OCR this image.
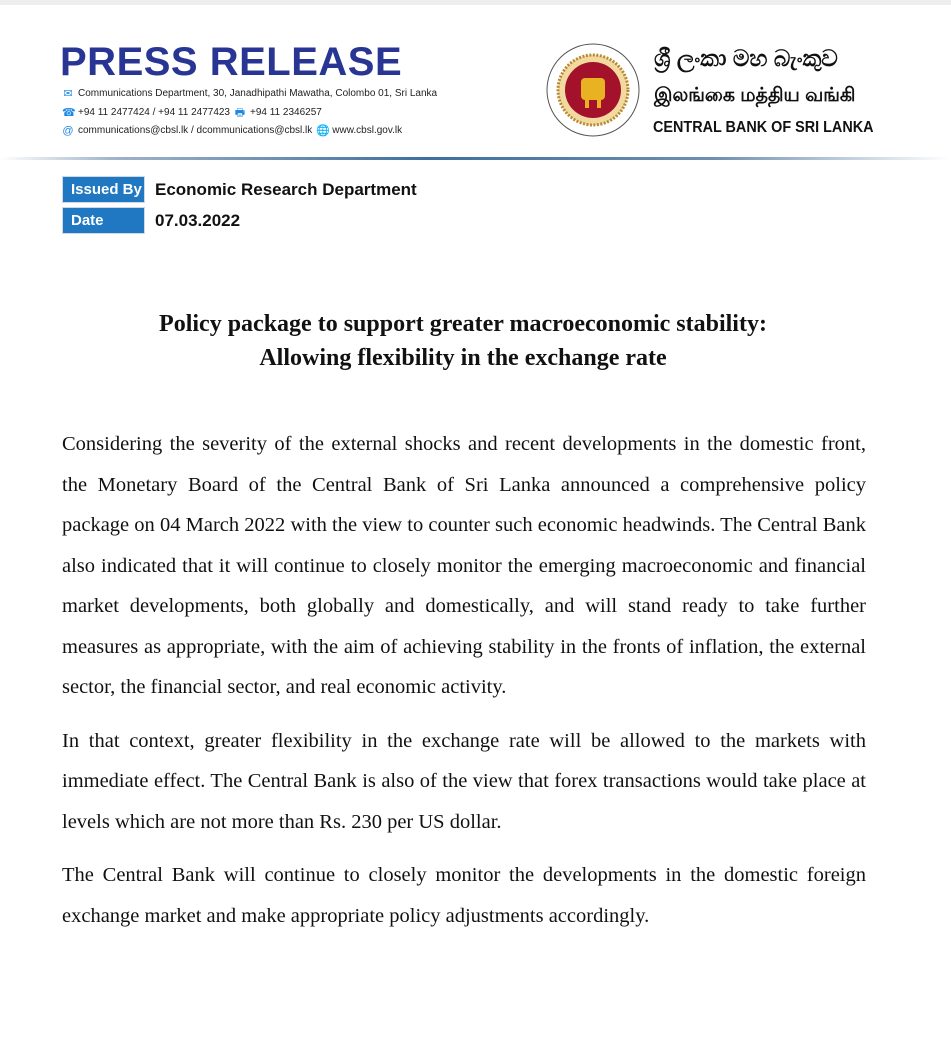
PRESS RELEASE
✉ Communications Department, 30, Janadhipathi Mawatha, Colombo 01, Sri Lanka
☎ +94 11 2477424 / +94 11 2477423 🖶 +94 11 2346257
@ communications@cbsl.lk / dcommunications@cbsl.lk 🌐 www.cbsl.gov.lk
ශ්‍රී ලංකා මහ බැංකුව
இலங்கை மத்திய வங்கி
CENTRAL BANK OF SRI LANKA
Issued By Economic Research Department
Date	07.03.2022
Policy package to support greater macroeconomic stability:
Allowing flexibility in the exchange rate

Considering the severity of the external shocks and recent developments in the domestic front, the Monetary Board of the Central Bank of Sri Lanka announced a comprehensive policy package on 04 March 2022 with the view to counter such economic headwinds. The Central Bank also indicated that it will continue to closely monitor the emerging macroeconomic and financial market developments, both globally and domestically, and will stand ready to take further measures as appropriate, with the aim of achieving stability in the fronts of inflation, the external sector, the financial sector, and real economic activity.

In that context, greater flexibility in the exchange rate will be allowed to the markets with immediate effect. The Central Bank is also of the view that forex transactions would take place at levels which are not more than Rs. 230 per US dollar.

The Central Bank will continue to closely monitor the developments in the domestic foreign exchange market and make appropriate policy adjustments accordingly.
